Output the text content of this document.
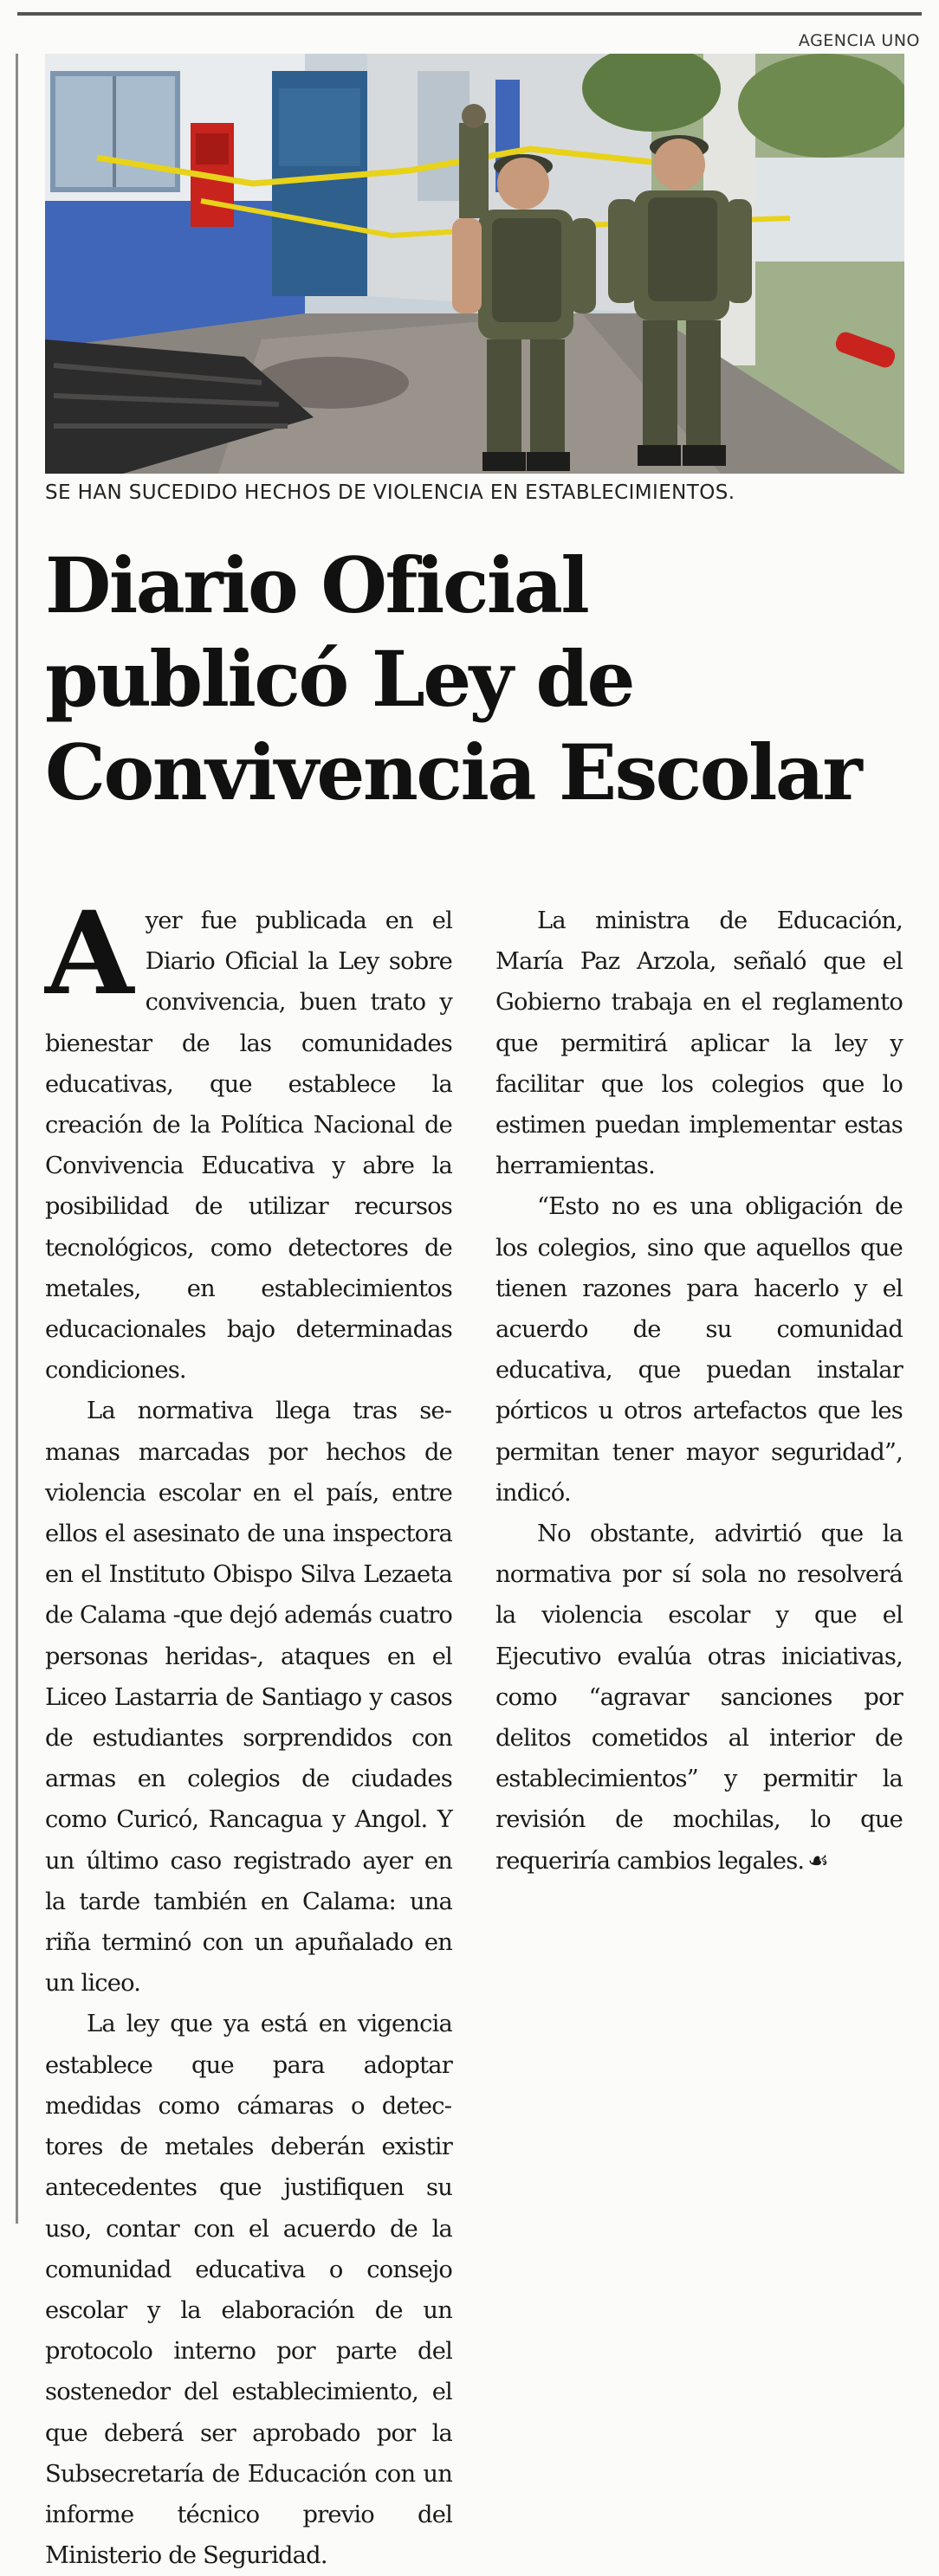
AGENCIA UNO
SE HAN SUCEDIDO HECHOS DE VIOLENCIA EN ESTABLECIMIENTOS.
Diario Oficial
publicó Ley de
Convivencia Escolar
A yer fue publicada en el Diario Oficial la Ley sobre convivencia, buen trato y bienestar de las comunidades educativas, que establece la creación de la Política Nacional de Convivencia Educativa y abre la posibilidad de utilizar recursos tecnológicos, como detectores de metales, en establecimientos educacionales bajo determinadas condiciones.

La normativa llega tras semanas marcadas por hechos de violencia escolar en el país, entre ellos el asesinato de una inspectora en el Instituto Obispo Silva Lezaeta de Calama -que dejó además cuatro personas heridas-, ataques en el Liceo Lastarria de Santiago y casos de estudiantes sorprendidos con armas en colegios de ciudades como Curicó, Rancagua y Angol. Y un último caso registrado ayer en la tarde también en Calama: una riña terminó con un apuñalado en un liceo.

La ley que ya está en vigencia establece que para adoptar medidas como cámaras o detectores de metales deberán existir antecedentes que justifiquen su uso, contar con el acuerdo de la comunidad educativa o consejo escolar y la elaboración de un protocolo interno por parte del sostenedor del establecimiento, el que deberá ser aprobado por la Subsecretaría de Educación con un informe técnico previo del Ministerio de Seguridad.

La ministra de Educación, María Paz Arzola, señaló que el Gobierno trabaja en el reglamento que permitirá aplicar la ley y facilitar que los colegios que lo estimen puedan implementar estas herramientas.

“Esto no es una obligación de los colegios, sino que aquellos que tienen razones para hacerlo y el acuerdo de su comunidad educativa, que puedan instalar pórticos u otros artefactos que les permitan tener mayor seguridad”, indicó.

No obstante, advirtió que la normativa por sí sola no resolverá la violencia escolar y que el Ejecutivo evalúa otras iniciativas, como “agravar sanciones por delitos cometidos al interior de establecimientos” y permitir la revisión de mochilas, lo que requeriría cambios legales. ☙
